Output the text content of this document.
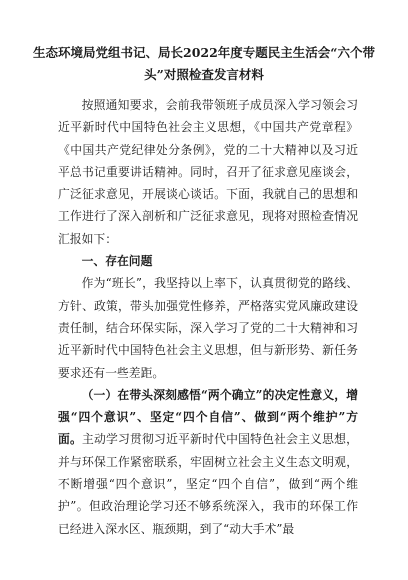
生态环境局党组书记、局长2022年度专题民主生活会“六个带头”对照检查发言材料

按照通知要求，会前我带领班子成员深入学习领会习近平新时代中国特色社会主义思想，《中国共产党章程》《中国共产党纪律处分条例》，党的二十大精神以及习近平总书记重要讲话精神。同时，召开了征求意见座谈会，广泛征求意见，开展谈心谈话。下面，我就自己的思想和工作进行了深入剖析和广泛征求意见，现将对照检查情况汇报如下：

一、存在问题

作为“班长”，我坚持以上率下，认真贯彻党的路线、方针、政策，带头加强党性修养，严格落实党风廉政建设责任制，结合环保实际，深入学习了党的二十大精神和习近平新时代中国特色社会主义思想，但与新形势、新任务要求还有一些差距。

（一）在带头深刻感悟“两个确立”的决定性意义，增强“四个意识”、坚定“四个自信”、做到“两个维护”方面。主动学习贯彻习近平新时代中国特色社会主义思想，并与环保工作紧密联系，牢固树立社会主义生态文明观，不断增强“四个意识”，坚定“四个自信”，做到“两个维护”。但政治理论学习还不够系统深入，我市的环保工作已经进入深水区、瓶颈期，到了“动大手术”最
